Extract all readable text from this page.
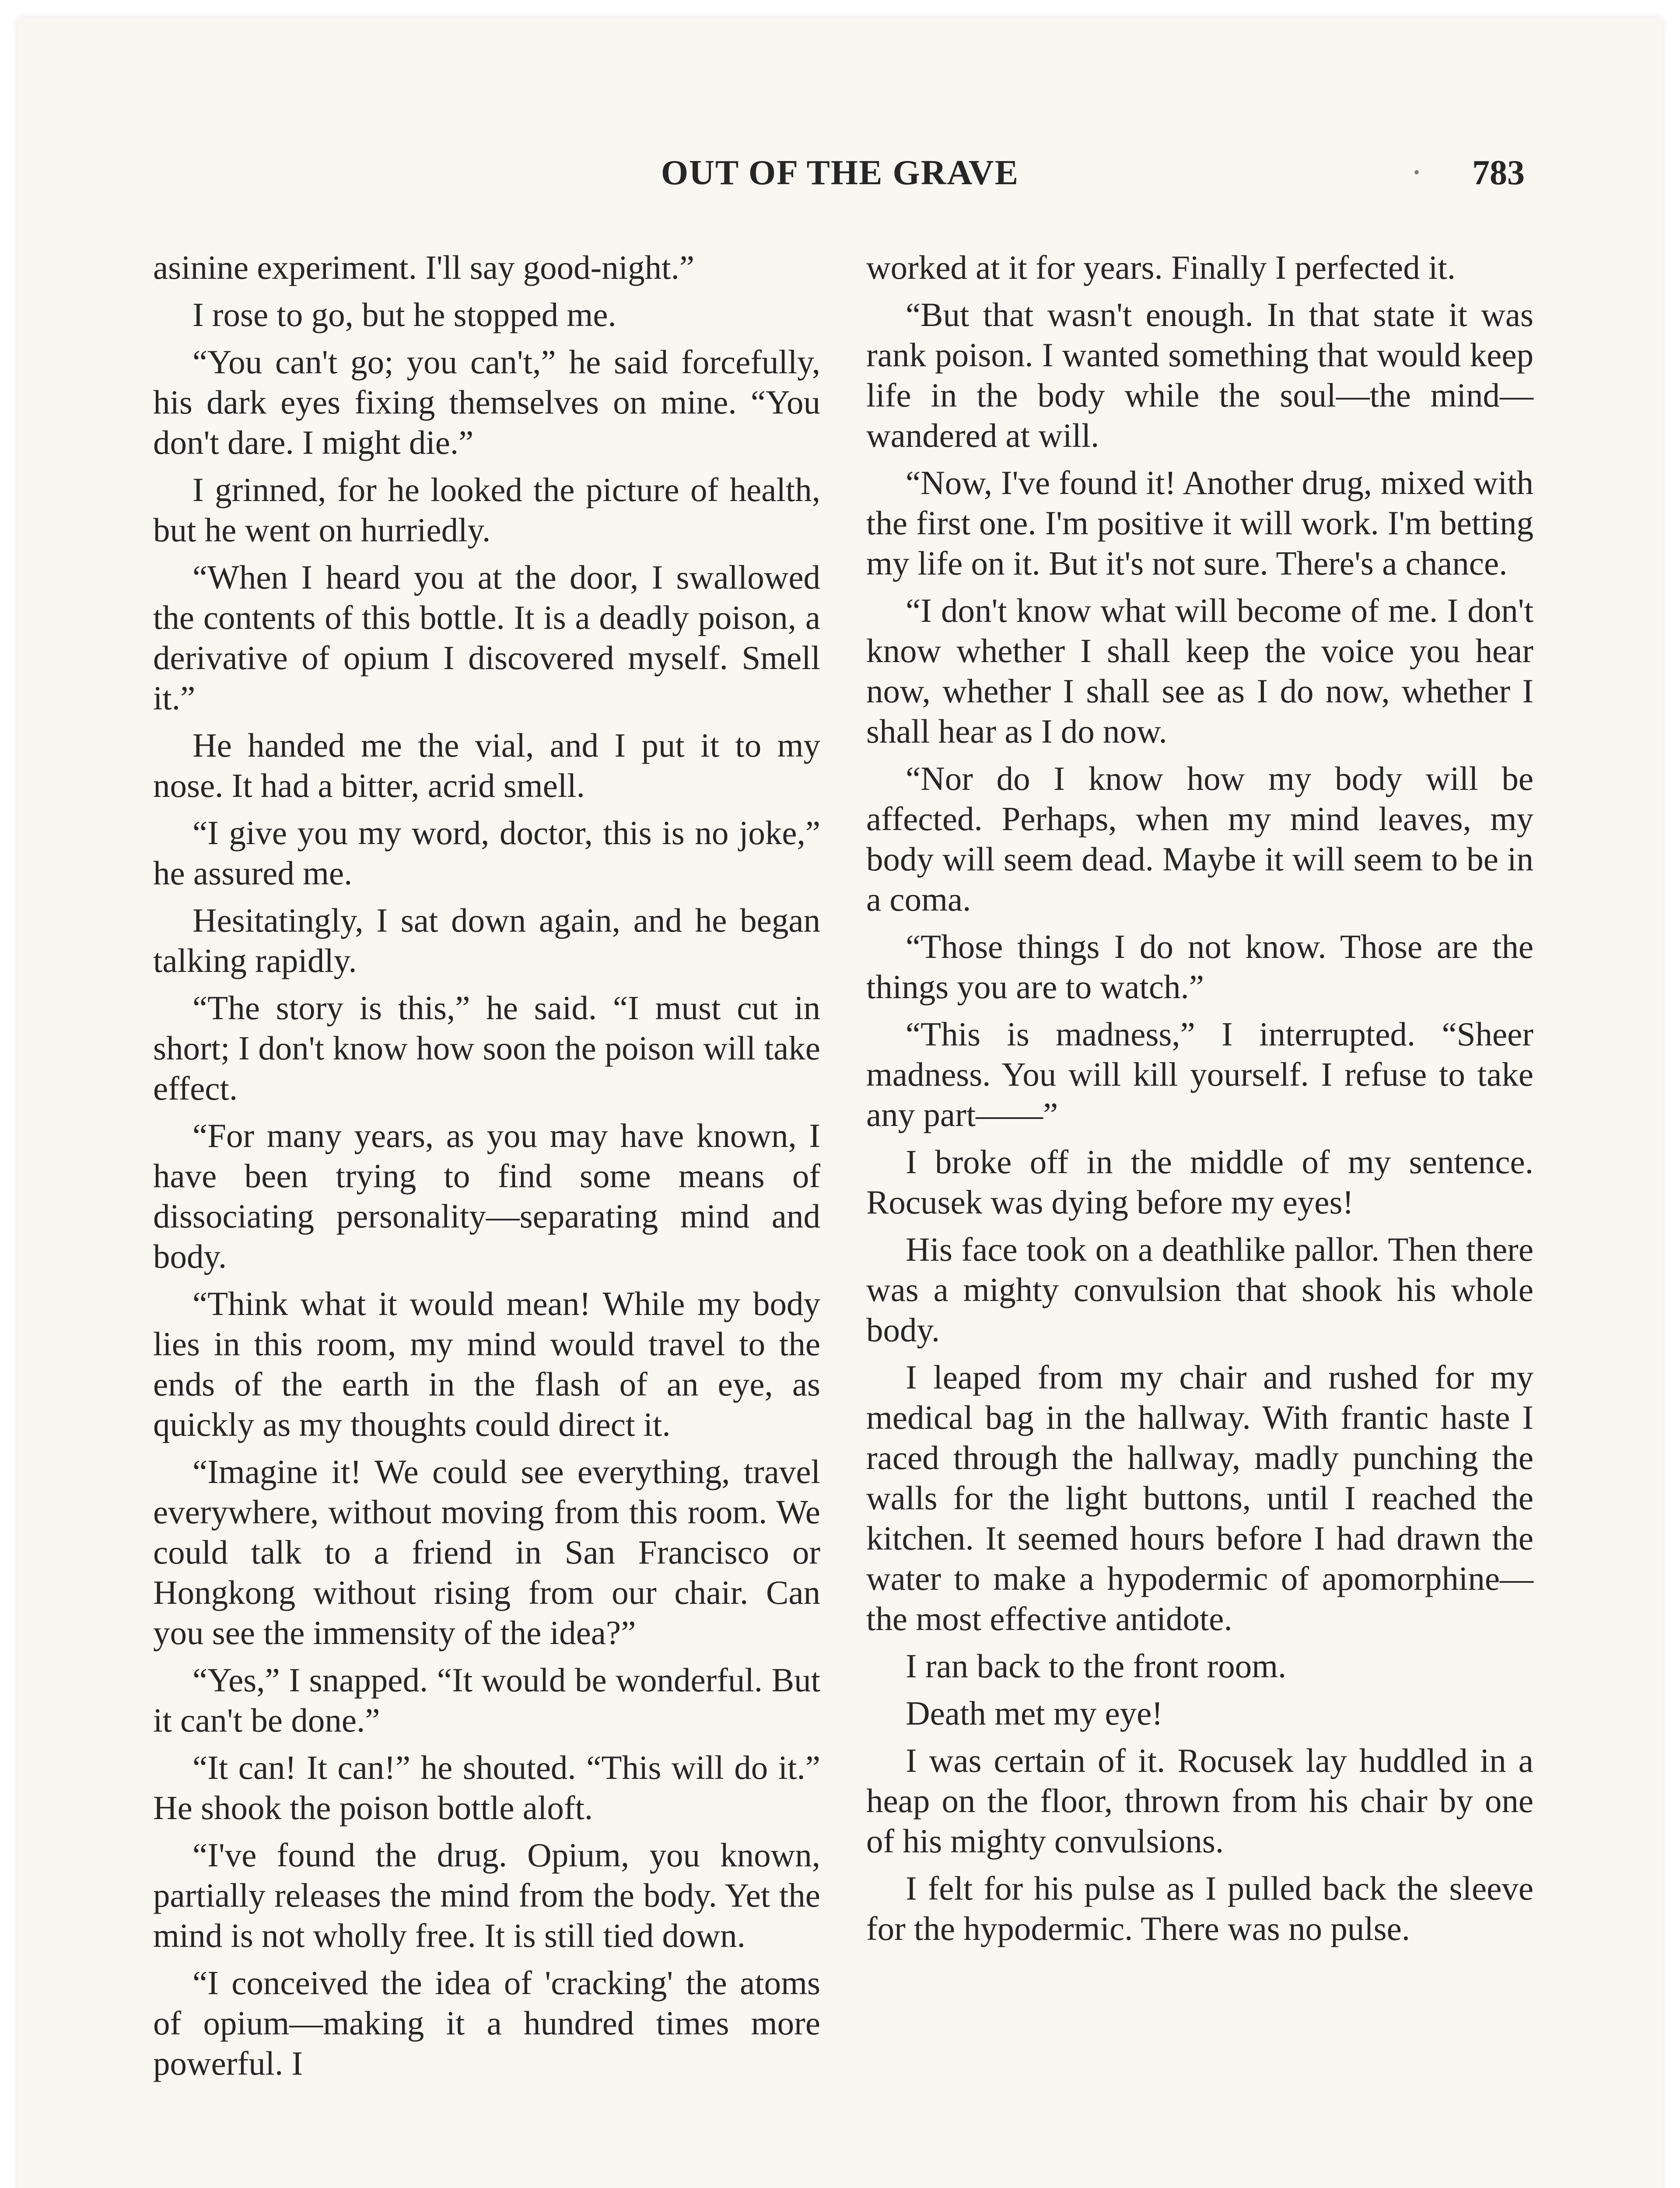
OUT OF THE GRAVE	• 783

asinine experiment. I'll say good-night.”

I rose to go, but he stopped me.

“You can't go; you can't,” he said forcefully, his dark eyes fixing themselves on mine. “You don't dare. I might die.”

I grinned, for he looked the picture of health, but he went on hurriedly.

“When I heard you at the door, I swallowed the contents of this bottle. It is a deadly poison, a derivative of opium I discovered myself. Smell it.”

He handed me the vial, and I put it to my nose. It had a bitter, acrid smell.

“I give you my word, doctor, this is no joke,” he assured me.

Hesitatingly, I sat down again, and he began talking rapidly.

“The story is this,” he said. “I must cut in short; I don't know how soon the poison will take effect.

“For many years, as you may have known, I have been trying to find some means of dissociating personality—separating mind and body.

“Think what it would mean! While my body lies in this room, my mind would travel to the ends of the earth in the flash of an eye, as quickly as my thoughts could direct it.

“Imagine it! We could see everything, travel everywhere, without moving from this room. We could talk to a friend in San Francisco or Hongkong without rising from our chair. Can you see the immensity of the idea?”

“Yes,” I snapped. “It would be wonderful. But it can't be done.”

“It can! It can!” he shouted. “This will do it.” He shook the poison bottle aloft.

“I've found the drug. Opium, you known, partially releases the mind from the body. Yet the mind is not wholly free. It is still tied down.

“I conceived the idea of 'cracking' the atoms of opium—making it a hundred times more powerful. I

worked at it for years. Finally I perfected it.

“But that wasn't enough. In that state it was rank poison. I wanted something that would keep life in the body while the soul—the mind—wandered at will.

“Now, I've found it! Another drug, mixed with the first one. I'm positive it will work. I'm betting my life on it. But it's not sure. There's a chance.

“I don't know what will become of me. I don't know whether I shall keep the voice you hear now, whether I shall see as I do now, whether I shall hear as I do now.

“Nor do I know how my body will be affected. Perhaps, when my mind leaves, my body will seem dead. Maybe it will seem to be in a coma.

“Those things I do not know. Those are the things you are to watch.”

“This is madness,” I interrupted. “Sheer madness. You will kill yourself. I refuse to take any part——”

I broke off in the middle of my sentence. Rocusek was dying before my eyes!

His face took on a deathlike pallor. Then there was a mighty convulsion that shook his whole body.

I leaped from my chair and rushed for my medical bag in the hallway. With frantic haste I raced through the hallway, madly punching the walls for the light buttons, until I reached the kitchen. It seemed hours before I had drawn the water to make a hypodermic of apomorphine—the most effective antidote.

I ran back to the front room.

Death met my eye!

I was certain of it. Rocusek lay huddled in a heap on the floor, thrown from his chair by one of his mighty convulsions.

I felt for his pulse as I pulled back the sleeve for the hypodermic. There was no pulse.
